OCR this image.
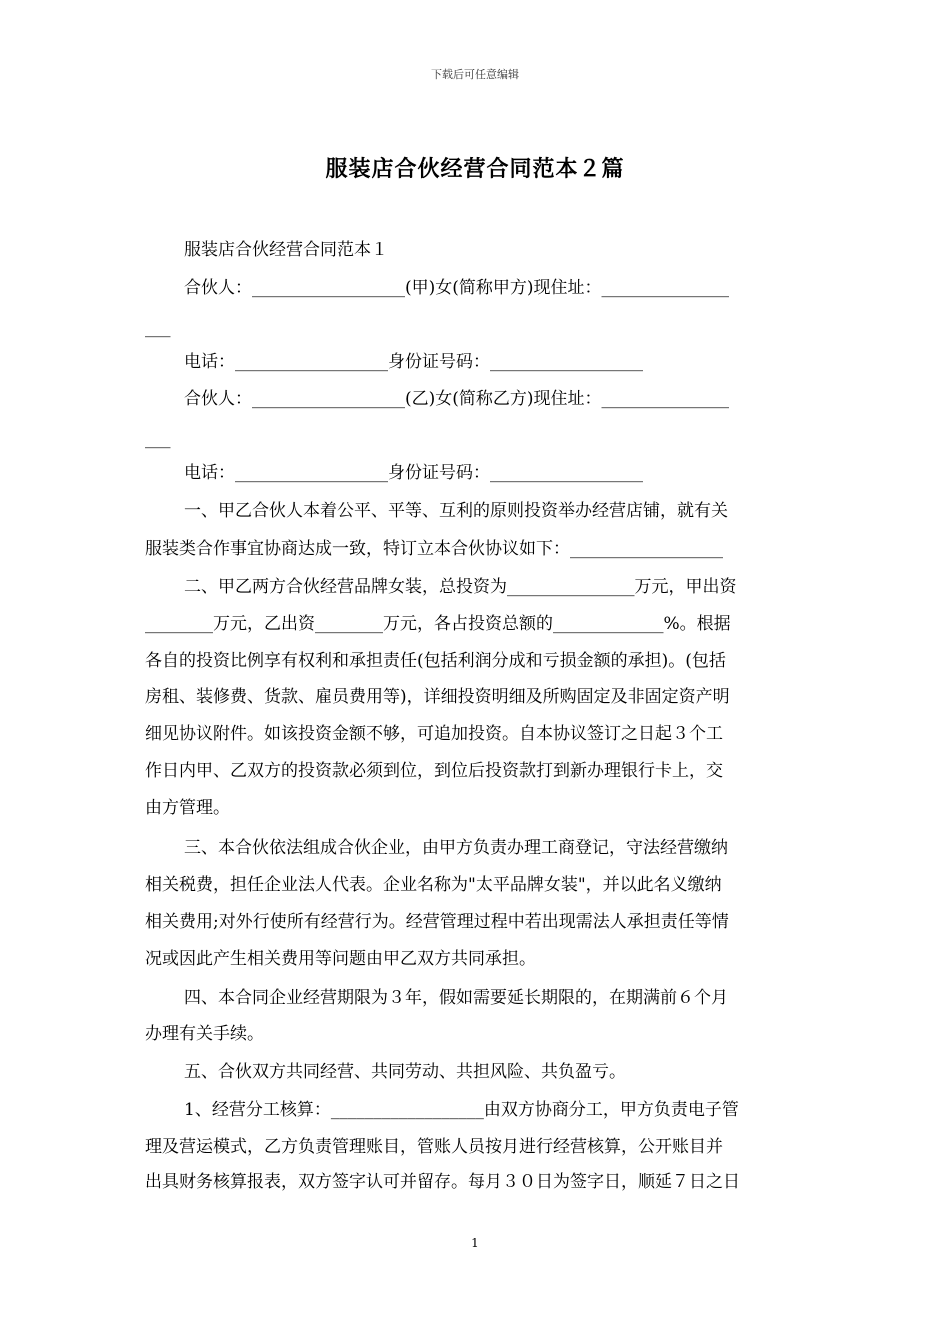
下载后可任意编辑
服装店合伙经营合同范本２篇
服装店合伙经营合同范本１
合伙人：__________________(甲)女(简称甲方)现住址：_______________
___
电话：__________________身份证号码：__________________
合伙人：__________________(乙)女(简称乙方)现住址：_______________
___
电话：__________________身份证号码：__________________
一、甲乙合伙人本着公平、平等、互利的原则投资举办经营店铺，就有关
服装类合作事宜协商达成一致，特订立本合伙协议如下：__________________
二、甲乙两方合伙经营品牌女装，总投资为_______________万元，甲出资
________万元，乙出资________万元，各占投资总额的_____________%。根据
各自的投资比例享有权利和承担责任(包括利润分成和亏损金额的承担)。(包括
房租、装修费、货款、雇员费用等)，详细投资明细及所购固定及非固定资产明
细见协议附件。如该投资金额不够，可追加投资。自本协议签订之日起３个工
作日内甲、乙双方的投资款必须到位，到位后投资款打到新办理银行卡上，交
由方管理。
三、本合伙依法组成合伙企业，由甲方负责办理工商登记，守法经营缴纳
相关税费，担任企业法人代表。企业名称为"太平品牌女装"，并以此名义缴纳
相关费用;对外行使所有经营行为。经营管理过程中若出现需法人承担责任等情
况或因此产生相关费用等问题由甲乙双方共同承担。
四、本合同企业经营期限为３年，假如需要延长期限的，在期满前６个月
办理有关手续。
五、合伙双方共同经营、共同劳动、共担风险、共负盈亏。
1、经营分工核算：__________________由双方协商分工，甲方负责电子管
理及营运模式，乙方负责管理账目，管账人员按月进行经营核算，公开账目并
出具财务核算报表，双方签字认可并留存。每月３０日为签字日，顺延７日之日
1
